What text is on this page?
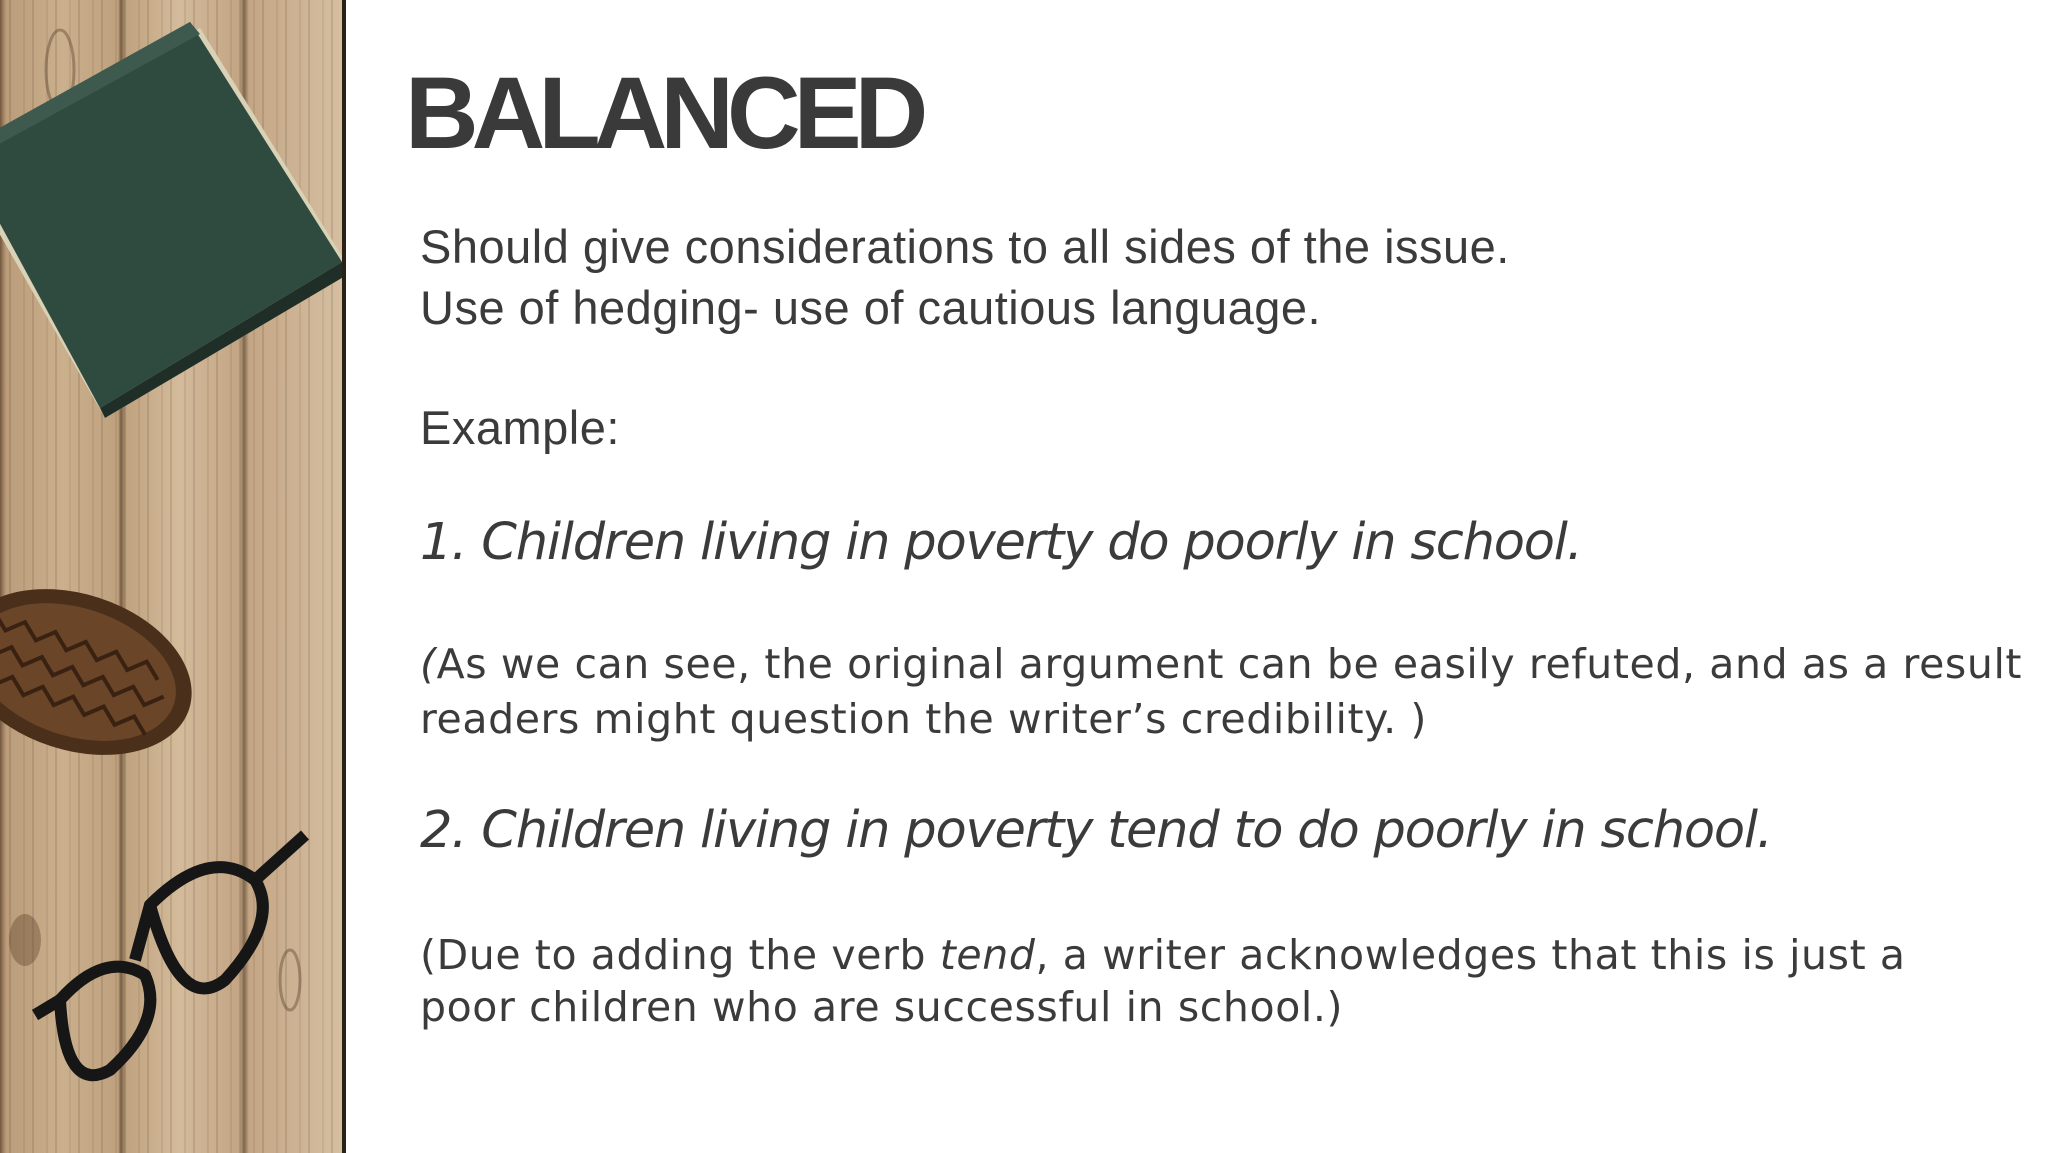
BALANCED
Should give considerations to all sides of the issue.
Use of hedging- use of cautious language.
Example:
1. Children living in poverty do poorly in school.
(As we can see, the original argument can be easily refuted, and as a result
readers might question the writer’s credibility. )
2. Children living in poverty tend to do poorly in school.
(Due to adding the verb tend, a writer acknowledges that this is just a
poor children who are successful in school.)
